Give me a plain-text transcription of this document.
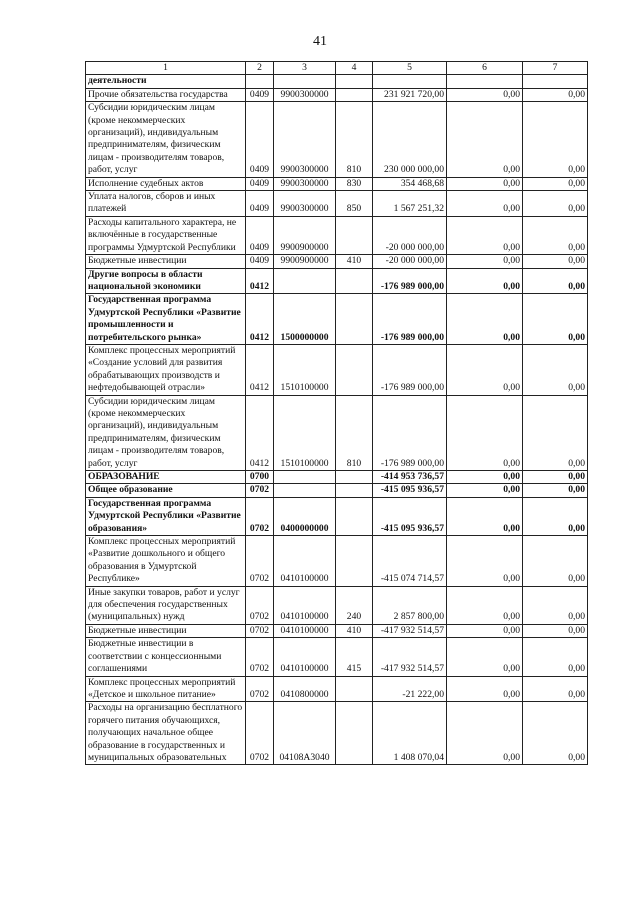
41
1	2	3	4	5	6	7
деятельности						
Прочие обязательства государства	0409	9900300000		231 921 720,00	0,00	0,00
Субсидии юридическим лицам (кроме некоммерческих организаций), индивидуальным предпринимателям, физическим лицам - производителям товаров, работ, услуг	0409	9900300000	810	230 000 000,00	0,00	0,00
Исполнение судебных актов	0409	9900300000	830	354 468,68	0,00	0,00
Уплата налогов, сборов и иных платежей	0409	9900300000	850	1 567 251,32	0,00	0,00
Расходы капитального характера, не включённые в государственные программы Удмуртской Республики	0409	9900900000		-20 000 000,00	0,00	0,00
Бюджетные инвестиции	0409	9900900000	410	-20 000 000,00	0,00	0,00
Другие вопросы в области национальной экономики	0412			-176 989 000,00	0,00	0,00
Государственная программа Удмуртской Республики «Развитие промышленности и потребительского рынка»	0412	1500000000		-176 989 000,00	0,00	0,00
Комплекс процессных мероприятий «Создание условий для развития обрабатывающих производств и нефтедобывающей отрасли»	0412	1510100000		-176 989 000,00	0,00	0,00
Субсидии юридическим лицам (кроме некоммерческих организаций), индивидуальным предпринимателям, физическим лицам - производителям товаров, работ, услуг	0412	1510100000	810	-176 989 000,00	0,00	0,00
ОБРАЗОВАНИЕ	0700			-414 953 736,57	0,00	0,00
Общее образование	0702			-415 095 936,57	0,00	0,00
Государственная программа Удмуртской Республики «Развитие образования»	0702	0400000000		-415 095 936,57	0,00	0,00
Комплекс процессных мероприятий «Развитие дошкольного и общего образования в Удмуртской Республике»	0702	0410100000		-415 074 714,57	0,00	0,00
Иные закупки товаров, работ и услуг для обеспечения государственных (муниципальных) нужд	0702	0410100000	240	2 857 800,00	0,00	0,00
Бюджетные инвестиции	0702	0410100000	410	-417 932 514,57	0,00	0,00
Бюджетные инвестиции в соответствии с концессионными соглашениями	0702	0410100000	415	-417 932 514,57	0,00	0,00
Комплекс процессных мероприятий «Детское и школьное питание»	0702	0410800000		-21 222,00	0,00	0,00
Расходы на организацию бесплатного горячего питания обучающихся, получающих начальное общее образование в государственных и муниципальных образовательных	0702	04108A3040		1 408 070,04	0,00	0,00
